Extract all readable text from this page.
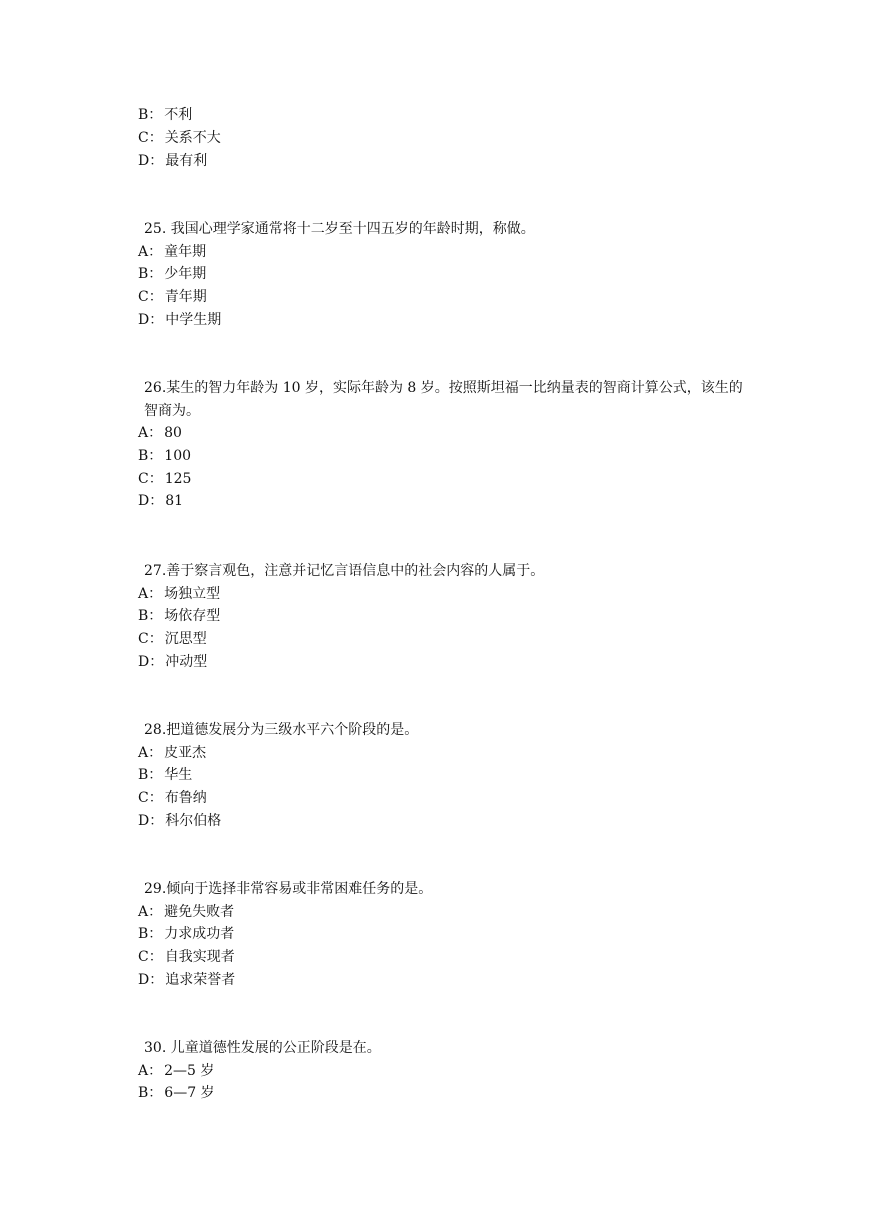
B： 不利
C： 关系不大
D： 最有利
25. 我国心理学家通常将十二岁至十四五岁的年龄时期，称做。
A： 童年期
B： 少年期
C： 青年期
D： 中学生期
26.某生的智力年龄为 10 岁，实际年龄为 8 岁。按照斯坦福一比纳量表的智商计算公式，该生的智商为。
A： 80
B： 100
C： 125
D： 81
27.善于察言观色，注意并记忆言语信息中的社会内容的人属于。
A： 场独立型
B： 场依存型
C： 沉思型
D： 冲动型
28.把道德发展分为三级水平六个阶段的是。
A： 皮亚杰
B： 华生
C： 布鲁纳
D： 科尔伯格
29.倾向于选择非常容易或非常困难任务的是。
A： 避免失败者
B： 力求成功者
C： 自我实现者
D： 追求荣誉者
30. 儿童道德性发展的公正阶段是在。
A： 2—5 岁
B： 6—7 岁
